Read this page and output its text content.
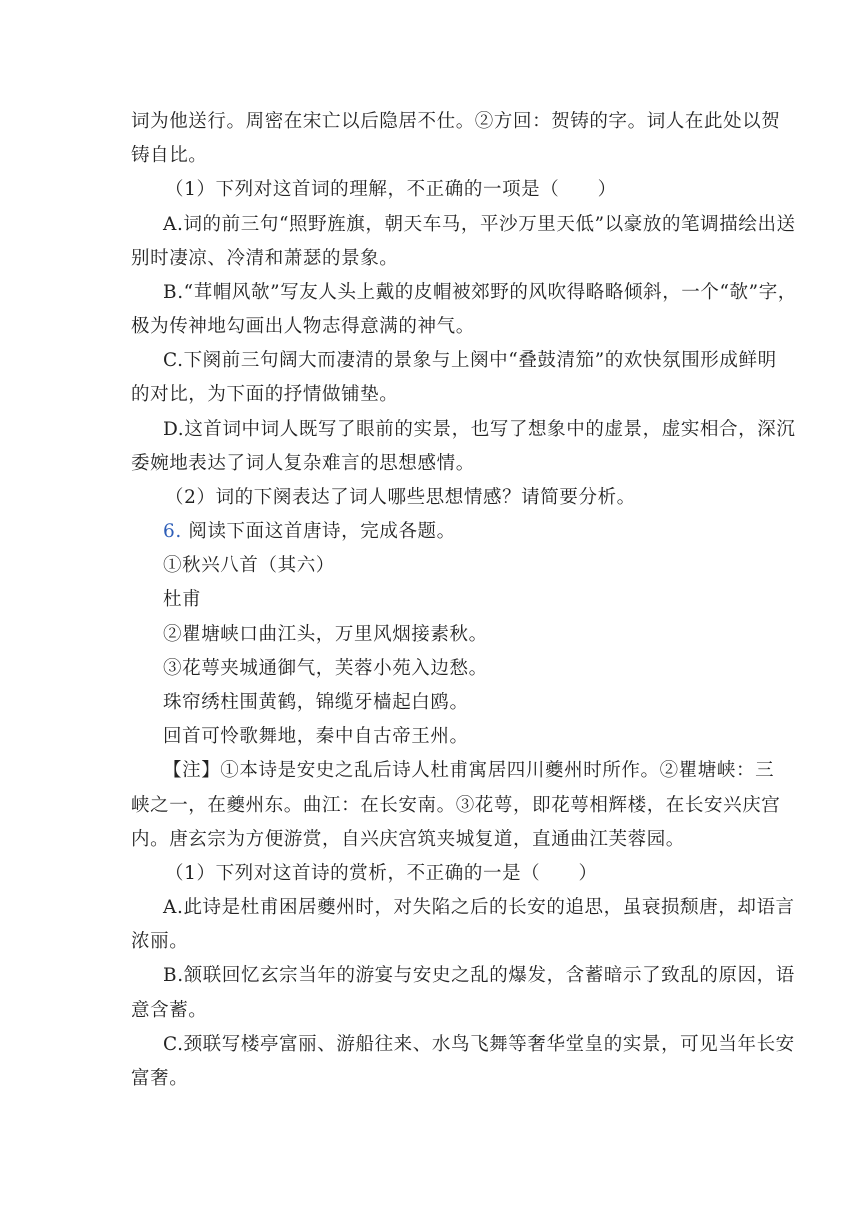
词为他送行。周密在宋亡以后隐居不仕。②方回：贺铸的字。词人在此处以贺
铸自比。
（1）下列对这首词的理解，不正确的一项是（　　）
A.词的前三句“照野旌旗，朝天车马，平沙万里天低”以豪放的笔调描绘出送
别时凄凉、冷清和萧瑟的景象。
B.“茸帽风欹”写友人头上戴的皮帽被郊野的风吹得略略倾斜，一个“欹”字，
极为传神地勾画出人物志得意满的神气。
C.下阕前三句阔大而凄清的景象与上阕中“叠鼓清笳”的欢快氛围形成鲜明
的对比，为下面的抒情做铺垫。
D.这首词中词人既写了眼前的实景，也写了想象中的虚景，虚实相合，深沉
委婉地表达了词人复杂难言的思想感情。
（2）词的下阕表达了词人哪些思想情感？请简要分析。
6. 阅读下面这首唐诗，完成各题。
①秋兴八首（其六）
杜甫
②瞿塘峡口曲江头，万里风烟接素秋。
③花萼夹城通御气，芙蓉小苑入边愁。
珠帘绣柱围黄鹤，锦缆牙樯起白鸥。
回首可怜歌舞地，秦中自古帝王州。
【注】①本诗是安史之乱后诗人杜甫寓居四川夔州时所作。②瞿塘峡：三
峡之一，在夔州东。曲江：在长安南。③花萼，即花萼相辉楼，在长安兴庆宫
内。唐玄宗为方便游赏，自兴庆宫筑夹城复道，直通曲江芙蓉园。
（1）下列对这首诗的赏析，不正确的一是（　　）
A.此诗是杜甫困居夔州时，对失陷之后的长安的追思，虽衰损颓唐，却语言
浓丽。
B.颔联回忆玄宗当年的游宴与安史之乱的爆发，含蓄暗示了致乱的原因，语
意含蓄。
C.颈联写楼亭富丽、游船往来、水鸟飞舞等奢华堂皇的实景，可见当年长安
富奢。
